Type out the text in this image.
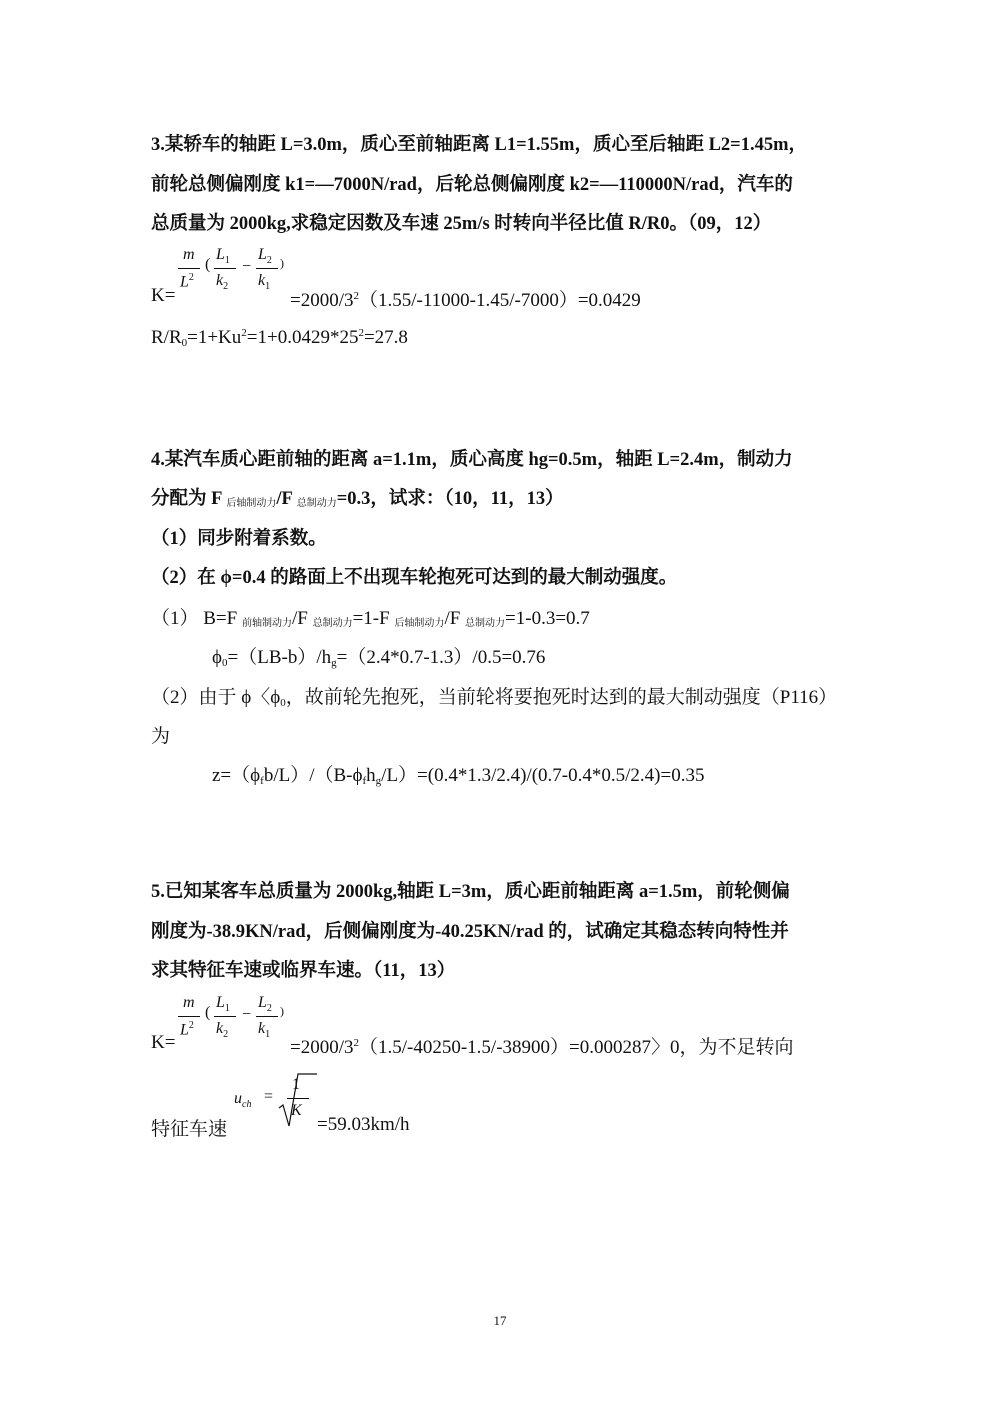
3.某轿车的轴距 L=3.0m，质心至前轴距离 L1=1.55m，质心至后轴距 L2=1.45m，
前轮总侧偏刚度 k1=—7000N/rad，后轮总侧偏刚度 k2=—110000N/rad，汽车的
总质量为 2000kg,求稳定因数及车速 25m/s 时转向半径比值 R/R0。（09，12）
m
$L^2$
(
$L_1$
$k_2$
−
$L_2$
$k_1$
)
K=	$=2000/3^2(1.55/-11000-1.45/-7000)=0.0429$
$R/R_0=1+Ku^2=1+0.0429*25^2=27.8$
4.某汽车质心距前轴的距离 a=1.1m，质心高度 hg=0.5m，轴距 L=2.4m，制动力
分配为 F 后轴制动力/F 总制动力=0.3，试求：（10，11，13）
（1）同步附着系数。
（2）在 ϕ=0.4 的路面上不出现车轮抱死可达到的最大制动强度。
（1） Β=F 前轴制动力/F 总制动力=1-F 后轴制动力/F 总制动力=1-0.3=0.7
$\phi_0=(LB-b)/h_g=(2.4*0.7-1.3)/0.5=0.76$
（2）由于 ϕ〈$\phi_0$，故前轮先抱死，当前轮将要抱死时达到的最大制动强度（P116）
为
$z=(\phi_fb/L)/(B-\phi_fh_g/L)=(0.4*1.3/2.4)/(0.7-0.4*0.5/2.4)=0.35$
5.已知某客车总质量为 2000kg,轴距 L=3m，质心距前轴距离 a=1.5m，前轮侧偏
刚度为-38.9KN/rad，后侧偏刚度为-40.25KN/rad 的，试确定其稳态转向特性并
求其特征车速或临界车速。（11，13）
m
$L^2$
(
$L_1$
$k_2$
−
$L_2$
$k_1$
)
K=	$=2000/3^2(1.5/-40250-1.5/-38900)=0.000287$〉0，为不足转向
$u_{ch}$ =
1
K
特征车速	=59.03km/h
17
